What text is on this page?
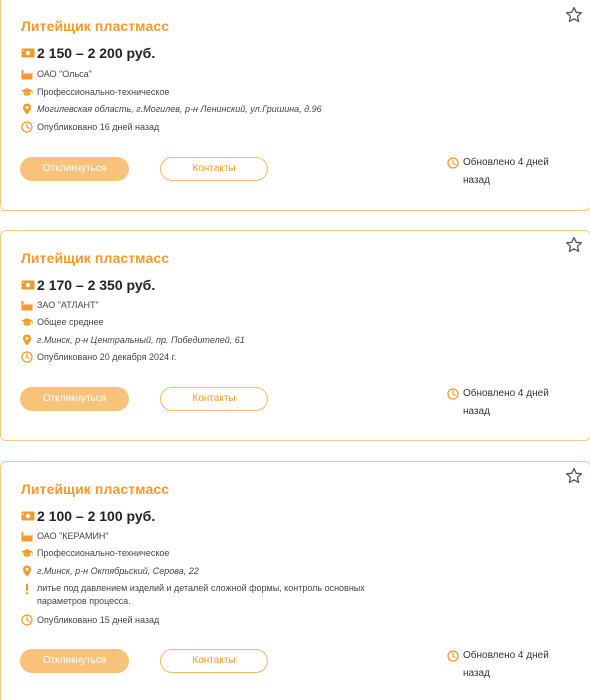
Литейщик пластмасс
2 150 – 2 200 руб.
ОАО "Ольса"
Профессионально-техническое
Могилевская область, г.Могилев, р-н Ленинский, ул.Гришина, д.96
Опубликовано 16 дней назад
Откликнуться	Контакты
Обновлено 4 дней назад
Литейщик пластмасс
2 170 – 2 350 руб.
ЗАО "АТЛАНТ"
Общее среднее
г.Минск, р-н Центральный, пр. Победителей, 61
Опубликовано 20 декабря 2024 г.
Откликнуться	Контакты	Обновлено 4 дней назад
Литейщик пластмасс
2 100 – 2 100 руб.
ОАО "КЕРАМИН"
Профессионально-техническое
г.Минск, р-н Октябрьский, Серова, 22
литье под давлением изделий и деталей сложной формы, контроль основных параметров процесса.
Опубликовано 15 дней назад
Откликнуться	Контакты	Обновлено 4 дней назад
